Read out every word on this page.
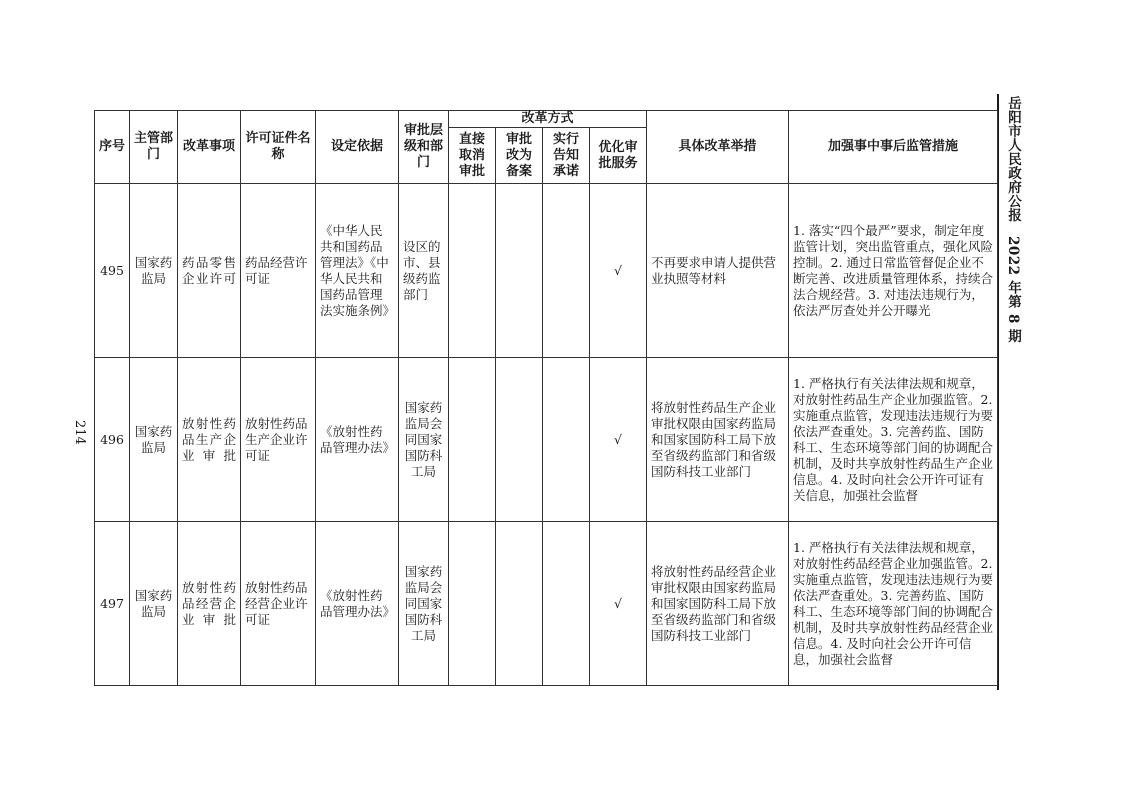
岳阳市人民政府公报2022 年第 8 期
214
序号	主管部门	改革事项	许可证件名称	设定依据	审批层级和部门	改革方式				具体改革举措	加强事中事后监管措施
						直接取消审批	审批改为备案	实行告知承诺	优化审批服务		
495	国家药监局	药品零售企业许可	药品经营许可证	《中华人民共和国药品管理法》《中华人民共和国药品管理法实施条例》	设区的市、县级药监部门				√	不再要求申请人提供营业执照等材料	1. 落实“四个最严”要求，制定年度监管计划，突出监管重点，强化风险控制。2. 通过日常监管督促企业不断完善、改进质量管理体系，持续合法合规经营。3. 对违法违规行为，依法严厉查处并公开曝光
496	国家药监局	放射性药品生产企业审批	放射性药品生产企业许可证	《放射性药品管理办法》	国家药监局会同国家国防科工局				√	将放射性药品生产企业审批权限由国家药监局和国家国防科工局下放至省级药监部门和省级国防科技工业部门	1. 严格执行有关法律法规和规章，对放射性药品生产企业加强监管。2. 实施重点监管，发现违法违规行为要依法严查重处。3. 完善药监、国防科工、生态环境等部门间的协调配合机制，及时共享放射性药品生产企业信息。4. 及时向社会公开许可证有关信息，加强社会监督
497	国家药监局	放射性药品经营企业审批	放射性药品经营企业许可证	《放射性药品管理办法》	国家药监局会同国家国防科工局				√	将放射性药品经营企业审批权限由国家药监局和国家国防科工局下放至省级药监部门和省级国防科技工业部门	1. 严格执行有关法律法规和规章，对放射性药品经营企业加强监管。2. 实施重点监管，发现违法违规行为要依法严查重处。3. 完善药监、国防科工、生态环境等部门间的协调配合机制，及时共享放射性药品经营企业信息。4. 及时向社会公开许可信息，加强社会监督
